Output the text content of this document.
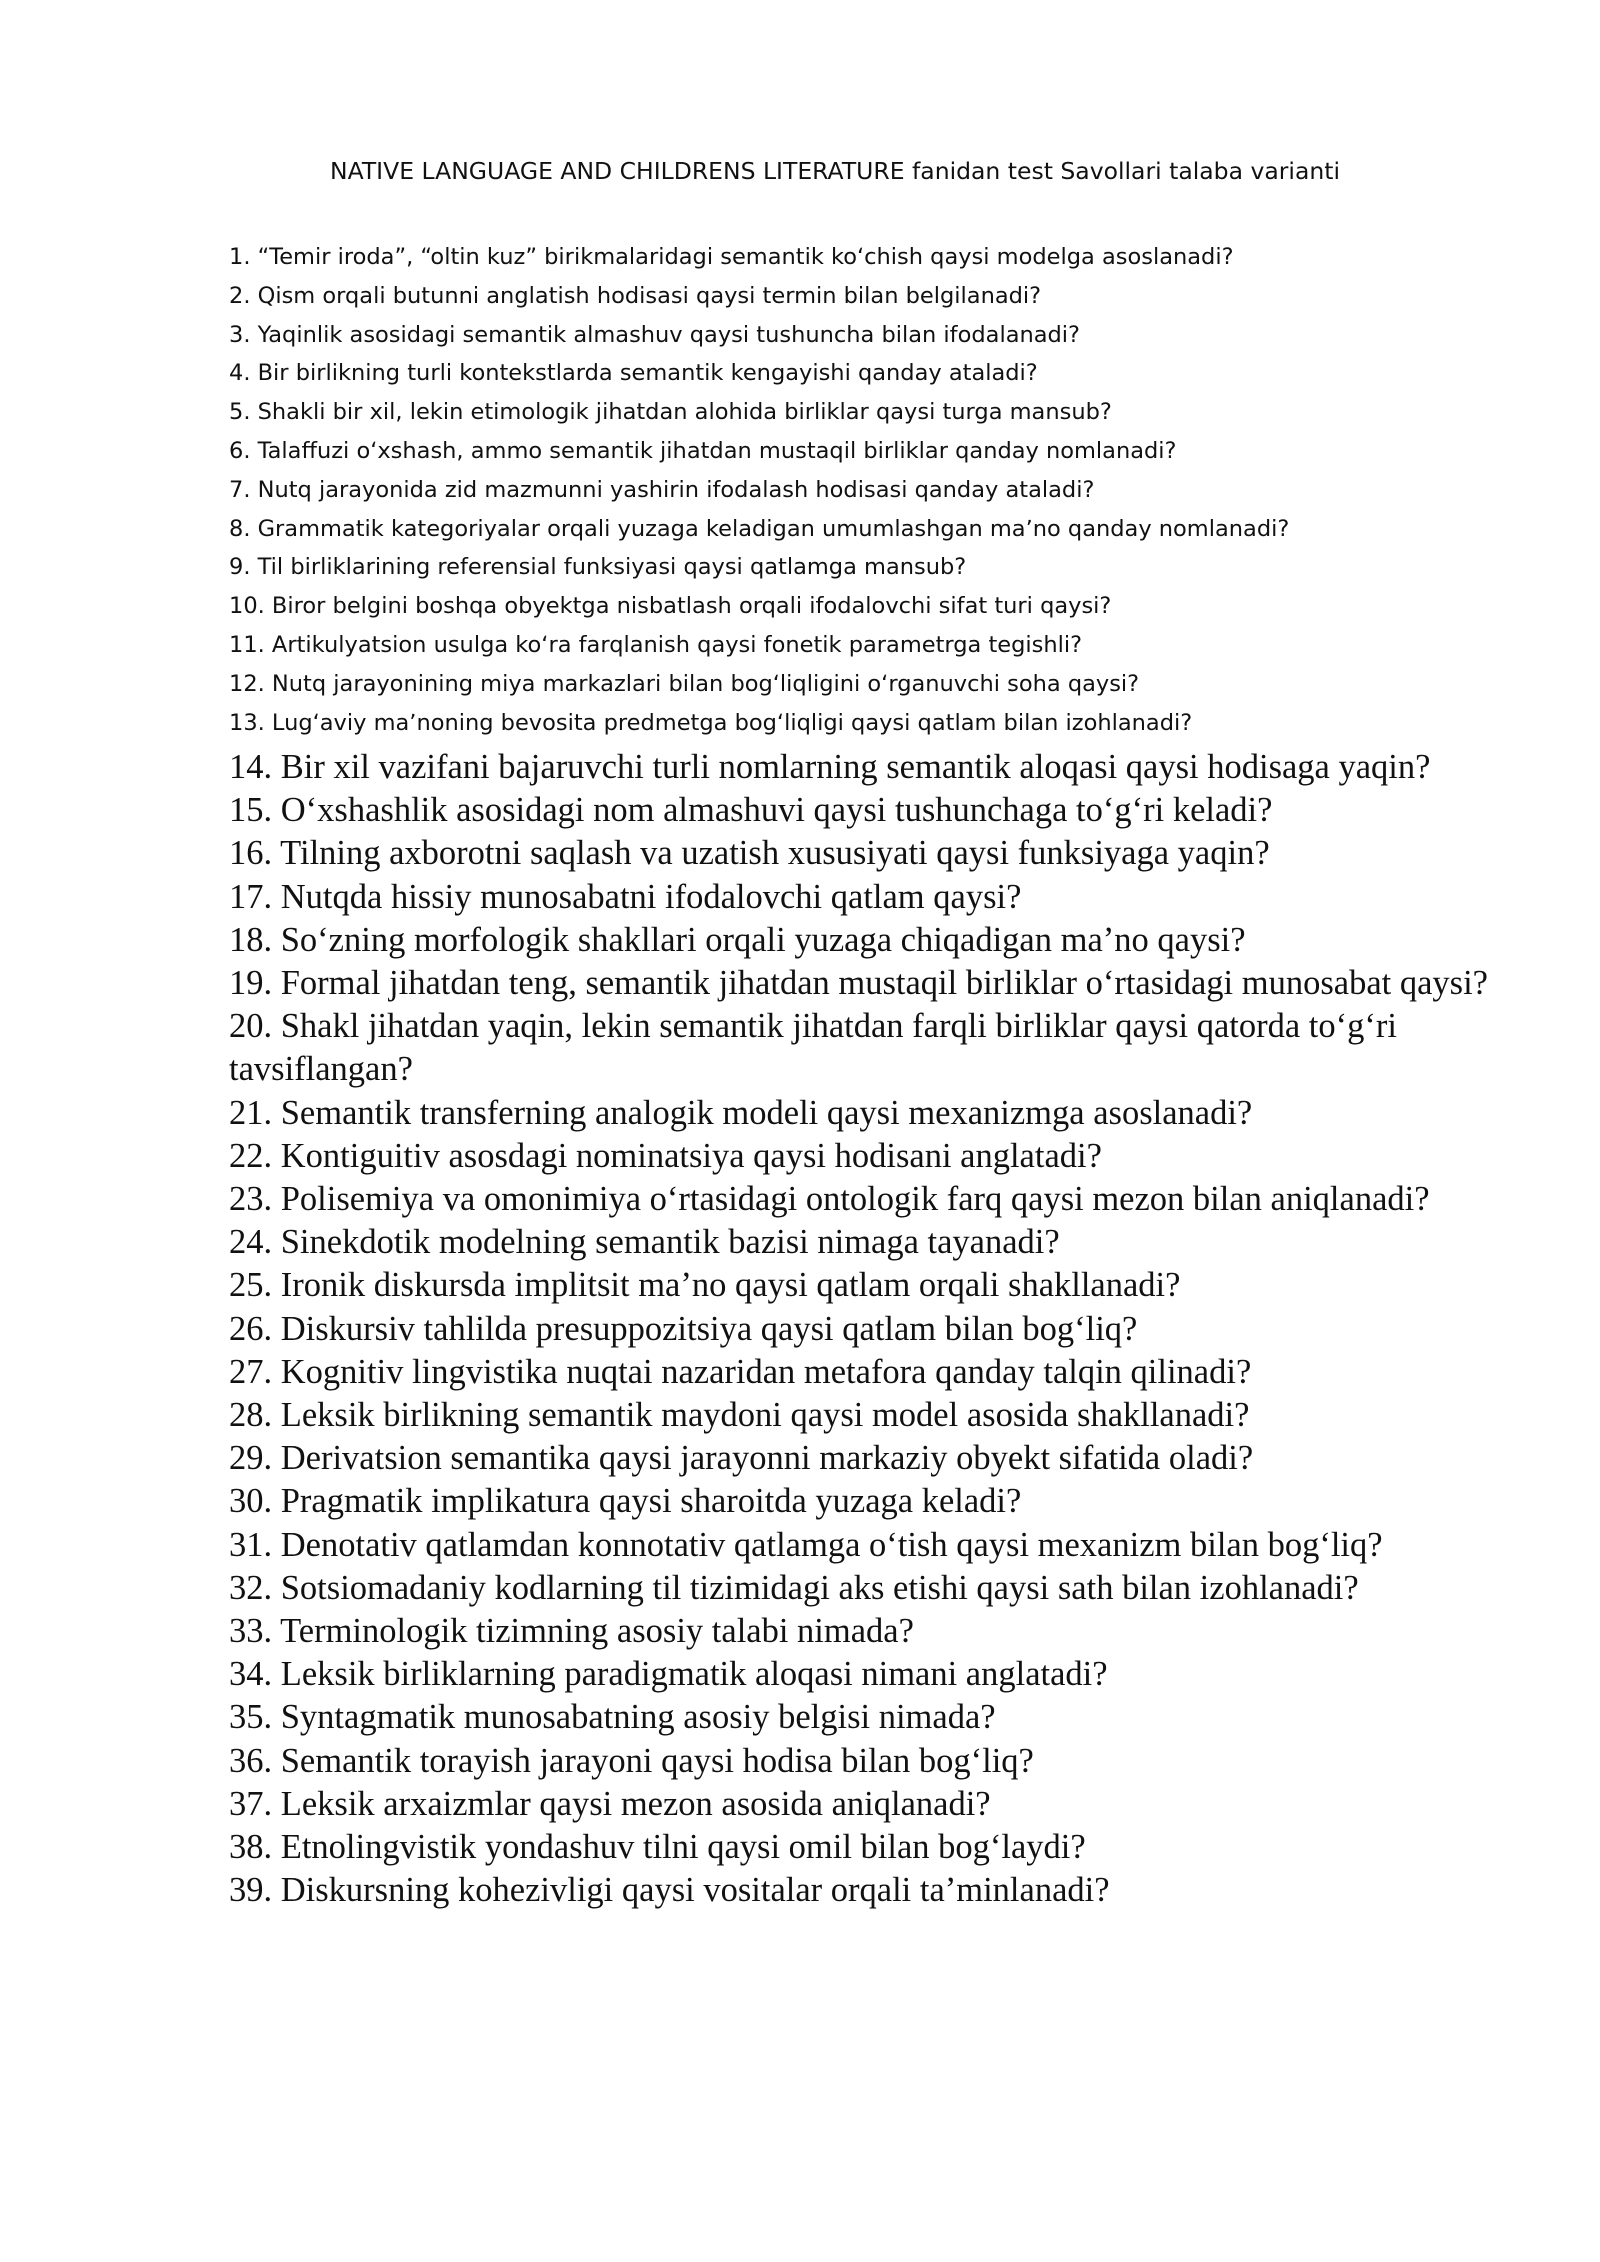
NATIVE LANGUAGE AND CHILDRENS LITERATURE fanidan test Savollari talaba varianti
1. “Temir iroda”, “oltin kuz” birikmalaridagi semantik koʻchish qaysi modelga asoslanadi?
2. Qism orqali butunni anglatish hodisasi qaysi termin bilan belgilanadi?
3. Yaqinlik asosidagi semantik almashuv qaysi tushuncha bilan ifodalanadi?
4. Bir birlikning turli kontekstlarda semantik kengayishi qanday ataladi?
5. Shakli bir xil, lekin etimologik jihatdan alohida birliklar qaysi turga mansub?
6. Talaffuzi oʻxshash, ammo semantik jihatdan mustaqil birliklar qanday nomlanadi?
7. Nutq jarayonida zid mazmunni yashirin ifodalash hodisasi qanday ataladi?
8. Grammatik kategoriyalar orqali yuzaga keladigan umumlashgan maʼno qanday nomlanadi?
9. Til birliklarining referensial funksiyasi qaysi qatlamga mansub?
10. Biror belgini boshqa obyektga nisbatlash orqali ifodalovchi sifat turi qaysi?
11. Artikulyatsion usulga koʻra farqlanish qaysi fonetik parametrga tegishli?
12. Nutq jarayonining miya markazlari bilan bogʻliqligini oʻrganuvchi soha qaysi?
13. Lugʻaviy maʼnoning bevosita predmetga bogʻliqligi qaysi qatlam bilan izohlanadi?
14. Bir xil vazifani bajaruvchi turli nomlarning semantik aloqasi qaysi hodisaga yaqin?
15. Oʻxshashlik asosidagi nom almashuvi qaysi tushunchaga toʻgʻri keladi?
16. Tilning axborotni saqlash va uzatish xususiyati qaysi funksiyaga yaqin?
17. Nutqda hissiy munosabatni ifodalovchi qatlam qaysi?
18. Soʻzning morfologik shakllari orqali yuzaga chiqadigan maʼno qaysi?
19. Formal jihatdan teng, semantik jihatdan mustaqil birliklar oʻrtasidagi munosabat qaysi?
20. Shakl jihatdan yaqin, lekin semantik jihatdan farqli birliklar qaysi qatorda toʻgʻri tavsiflangan?
21. Semantik transferning analogik modeli qaysi mexanizmga asoslanadi?
22. Kontiguitiv asosdagi nominatsiya qaysi hodisani anglatadi?
23. Polisemiya va omonimiya oʻrtasidagi ontologik farq qaysi mezon bilan aniqlanadi?
24. Sinekdotik modelning semantik bazisi nimaga tayanadi?
25. Ironik diskursda implitsit maʼno qaysi qatlam orqali shakllanadi?
26. Diskursiv tahlilda presuppozitsiya qaysi qatlam bilan bogʻliq?
27. Kognitiv lingvistika nuqtai nazaridan metafora qanday talqin qilinadi?
28. Leksik birlikning semantik maydoni qaysi model asosida shakllanadi?
29. Derivatsion semantika qaysi jarayonni markaziy obyekt sifatida oladi?
30. Pragmatik implikatura qaysi sharoitda yuzaga keladi?
31. Denotativ qatlamdan konnotativ qatlamga oʻtish qaysi mexanizm bilan bogʻliq?
32. Sotsiomadaniy kodlarning til tizimidagi aks etishi qaysi sath bilan izohlanadi?
33. Terminologik tizimning asosiy talabi nimada?
34. Leksik birliklarning paradigmatik aloqasi nimani anglatadi?
35. Syntagmatik munosabatning asosiy belgisi nimada?
36. Semantik torayish jarayoni qaysi hodisa bilan bogʻliq?
37. Leksik arxaizmlar qaysi mezon asosida aniqlanadi?
38. Etnolingvistik yondashuv tilni qaysi omil bilan bogʻlaydi?
39. Diskursning kohezivligi qaysi vositalar orqali taʼminlanadi?
